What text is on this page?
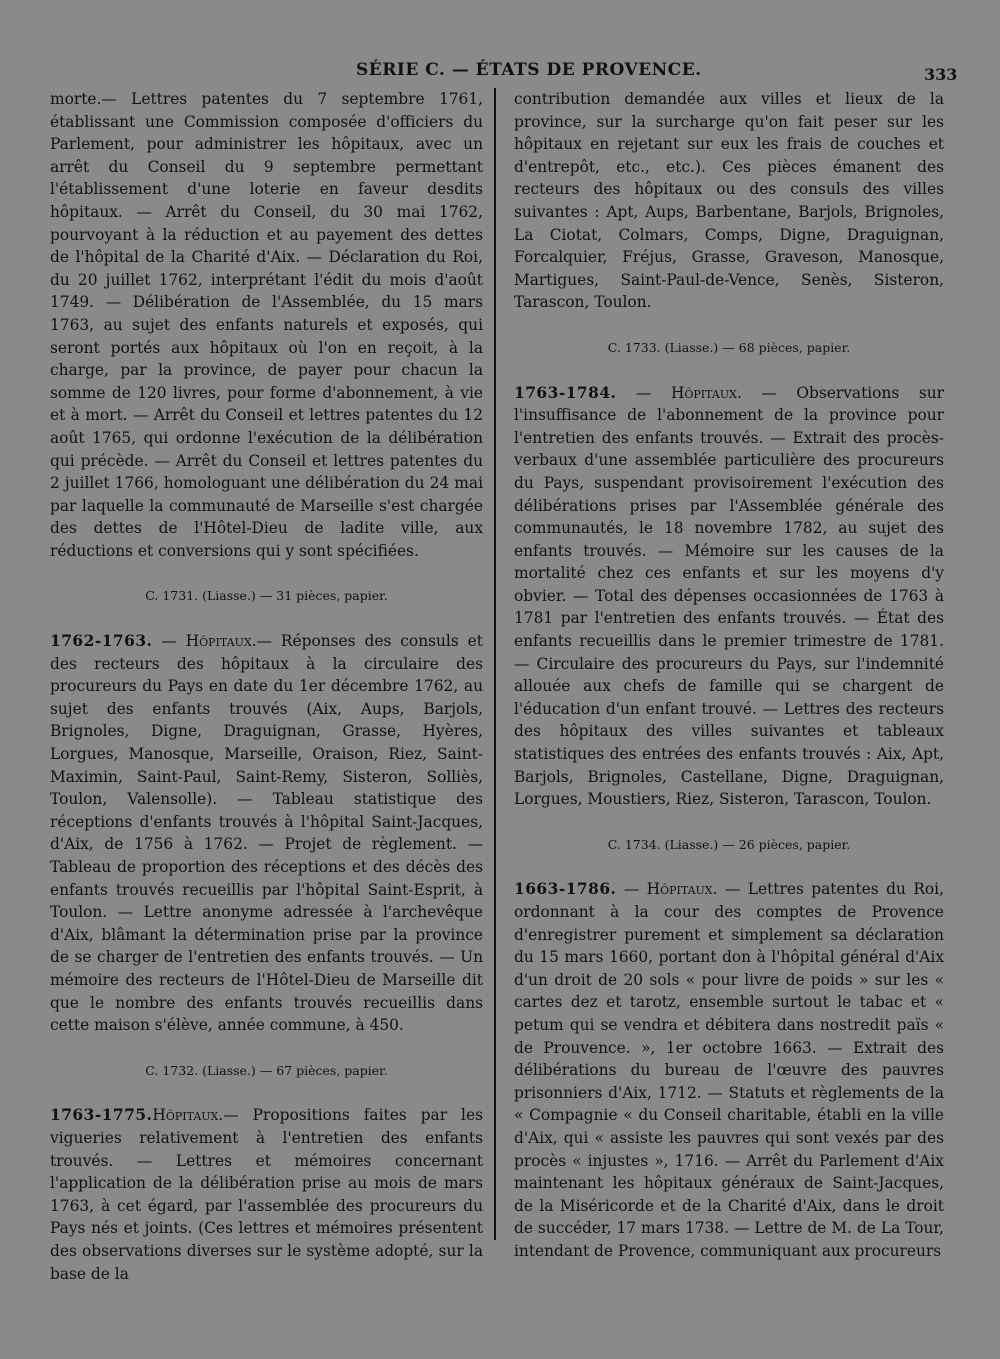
SÉRIE C. — ÉTATS DE PROVENCE.	333

morte.— Lettres patentes du 7 septembre 1761, établissant une Commission composée d'officiers du Parlement, pour administrer les hôpitaux, avec un arrêt du Conseil du 9 septembre permettant l'établissement d'une loterie en faveur desdits hôpitaux. — Arrêt du Conseil, du 30 mai 1762, pourvoyant à la réduction et au payement des dettes de l'hôpital de la Charité d'Aix. — Déclaration du Roi, du 20 juillet 1762, interprétant l'édit du mois d'août 1749. — Délibération de l'Assemblée, du 15 mars 1763, au sujet des enfants naturels et exposés, qui seront portés aux hôpitaux où l'on en reçoit, à la charge, par la province, de payer pour chacun la somme de 120 livres, pour forme d'abonnement, à vie et à mort. — Arrêt du Conseil et lettres patentes du 12 août 1765, qui ordonne l'exécution de la délibération qui précède. — Arrêt du Conseil et lettres patentes du 2 juillet 1766, homologuant une délibération du 24 mai par laquelle la communauté de Marseille s'est chargée des dettes de l'Hôtel-Dieu de ladite ville, aux réductions et conversions qui y sont spécifiées.

C. 1731. (Liasse.) — 31 pièces, papier.

1762-1763. — Hôpitaux.— Réponses des consuls et des recteurs des hôpitaux à la circulaire des procureurs du Pays en date du 1er décembre 1762, au sujet des enfants trouvés (Aix, Aups, Barjols, Brignoles, Digne, Draguignan, Grasse, Hyères, Lorgues, Manosque, Marseille, Oraison, Riez, Saint-Maximin, Saint-Paul, Saint-Remy, Sisteron, Solliès, Toulon, Valensolle). — Tableau statistique des réceptions d'enfants trouvés à l'hôpital Saint-Jacques, d'Aix, de 1756 à 1762. — Projet de règlement. — Tableau de proportion des réceptions et des décès des enfants trouvés recueillis par l'hôpital Saint-Esprit, à Toulon. — Lettre anonyme adressée à l'archevêque d'Aix, blâmant la détermination prise par la province de se charger de l'entretien des enfants trouvés. — Un mémoire des recteurs de l'Hôtel-Dieu de Marseille dit que le nombre des enfants trouvés recueillis dans cette maison s'élève, année commune, à 450.

C. 1732. (Liasse.) — 67 pièces, papier.

1763-1775.Hôpitaux.— Propositions faites par les vigueries relativement à l'entretien des enfants trouvés. — Lettres et mémoires concernant l'application de la délibération prise au mois de mars 1763, à cet égard, par l'assemblée des procureurs du Pays nés et joints. (Ces lettres et mémoires présentent des observations diverses sur le système adopté, sur la base de la

contribution demandée aux villes et lieux de la province, sur la surcharge qu'on fait peser sur les hôpitaux en rejetant sur eux les frais de couches et d'entrepôt, etc., etc.). Ces pièces émanent des recteurs des hôpitaux ou des consuls des villes suivantes : Apt, Aups, Barbentane, Barjols, Brignoles, La Ciotat, Colmars, Comps, Digne, Draguignan, Forcalquier, Fréjus, Grasse, Graveson, Manosque, Martigues, Saint-Paul-de-Vence, Senès, Sisteron, Tarascon, Toulon.

C. 1733. (Liasse.) — 68 pièces, papier.

1763-1784. — Hôpitaux. — Observations sur l'insuffisance de l'abonnement de la province pour l'entretien des enfants trouvés. — Extrait des procès-verbaux d'une assemblée particulière des procureurs du Pays, suspendant provisoirement l'exécution des délibérations prises par l'Assemblée générale des communautés, le 18 novembre 1782, au sujet des enfants trouvés. — Mémoire sur les causes de la mortalité chez ces enfants et sur les moyens d'y obvier. — Total des dépenses occasionnées de 1763 à 1781 par l'entretien des enfants trouvés. — État des enfants recueillis dans le premier trimestre de 1781. — Circulaire des procureurs du Pays, sur l'indemnité allouée aux chefs de famille qui se chargent de l'éducation d'un enfant trouvé. — Lettres des recteurs des hôpitaux des villes suivantes et tableaux statistiques des entrées des enfants trouvés : Aix, Apt, Barjols, Brignoles, Castellane, Digne, Draguignan, Lorgues, Moustiers, Riez, Sisteron, Tarascon, Toulon.

C. 1734. (Liasse.) — 26 pièces, papier.

1663-1786. — Hôpitaux. — Lettres patentes du Roi, ordonnant à la cour des comptes de Provence d'enregistrer purement et simplement sa déclaration du 15 mars 1660, portant don à l'hôpital général d'Aix d'un droit de 20 sols « pour livre de poids » sur les « cartes dez et tarotz, ensemble surtout le tabac et « petum qui se vendra et débitera dans nostredit païs « de Prouvence. », 1er octobre 1663. — Extrait des délibérations du bureau de l'œuvre des pauvres prisonniers d'Aix, 1712. — Statuts et règlements de la « Compagnie « du Conseil charitable, établi en la ville d'Aix, qui « assiste les pauvres qui sont vexés par des procès « injustes », 1716. — Arrêt du Parlement d'Aix maintenant les hôpitaux généraux de Saint-Jacques, de la Miséricorde et de la Charité d'Aix, dans le droit de succéder, 17 mars 1738. — Lettre de M. de La Tour, intendant de Provence, communiquant aux procureurs
